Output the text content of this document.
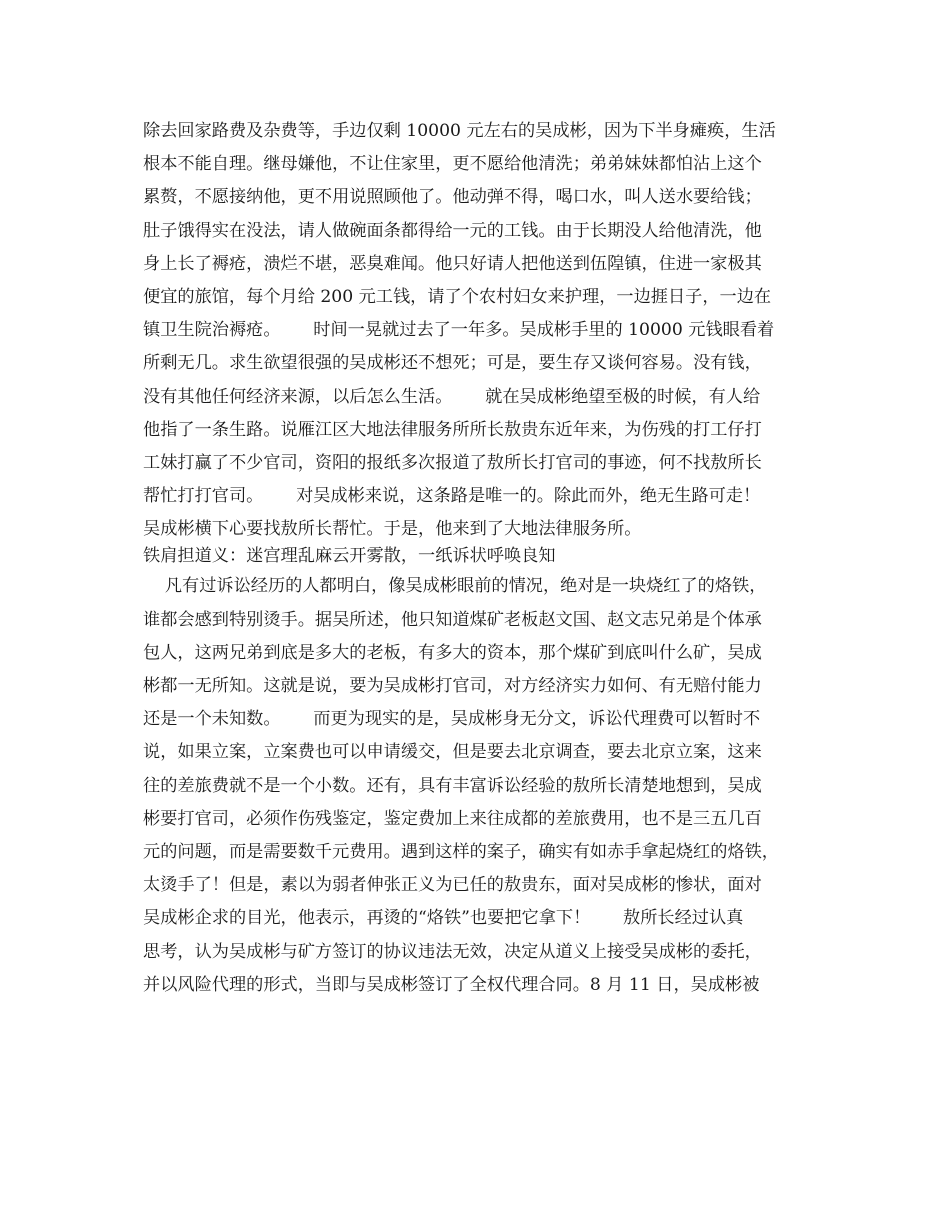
除去回家路费及杂费等，手边仅剩 10000 元左右的吴成彬，因为下半身瘫痪，生活
根本不能自理。继母嫌他，不让住家里，更不愿给他清洗；弟弟妹妹都怕沾上这个
累赘，不愿接纳他，更不用说照顾他了。他动弹不得，喝口水，叫人送水要给钱；
肚子饿得实在没法，请人做碗面条都得给一元的工钱。由于长期没人给他清洗，他
身上长了褥疮，溃烂不堪，恶臭难闻。他只好请人把他送到伍隍镇，住进一家极其
便宜的旅馆，每个月给 200 元工钱，请了个农村妇女来护理，一边捱日子，一边在
镇卫生院治褥疮。      时间一晃就过去了一年多。吴成彬手里的 10000 元钱眼看着
所剩无几。求生欲望很强的吴成彬还不想死；可是，要生存又谈何容易。没有钱，
没有其他任何经济来源，以后怎么生活。      就在吴成彬绝望至极的时候，有人给
他指了一条生路。说雁江区大地法律服务所所长敖贵东近年来，为伤残的打工仔打
工妹打赢了不少官司，资阳的报纸多次报道了敖所长打官司的事迹，何不找敖所长
帮忙打打官司。      对吴成彬来说，这条路是唯一的。除此而外，绝无生路可走！
吴成彬横下心要找敖所长帮忙。于是，他来到了大地法律服务所。
铁肩担道义：迷宫理乱麻云开雾散，一纸诉状呼唤良知
凡有过诉讼经历的人都明白，像吴成彬眼前的情况，绝对是一块烧红了的烙铁，
谁都会感到特别烫手。据吴所述，他只知道煤矿老板赵文国、赵文志兄弟是个体承
包人，这两兄弟到底是多大的老板，有多大的资本，那个煤矿到底叫什么矿，吴成
彬都一无所知。这就是说，要为吴成彬打官司，对方经济实力如何、有无赔付能力
还是一个未知数。      而更为现实的是，吴成彬身无分文，诉讼代理费可以暂时不
说，如果立案，立案费也可以申请缓交，但是要去北京调查，要去北京立案，这来
往的差旅费就不是一个小数。还有，具有丰富诉讼经验的敖所长清楚地想到，吴成
彬要打官司，必须作伤残鉴定，鉴定费加上来往成都的差旅费用，也不是三五几百
元的问题，而是需要数千元费用。遇到这样的案子，确实有如赤手拿起烧红的烙铁，
太烫手了！但是，素以为弱者伸张正义为已任的敖贵东，面对吴成彬的惨状，面对
吴成彬企求的目光，他表示，再烫的“烙铁”也要把它拿下！      敖所长经过认真
思考，认为吴成彬与矿方签订的协议违法无效，决定从道义上接受吴成彬的委托，
并以风险代理的形式，当即与吴成彬签订了全权代理合同。8 月 11 日，吴成彬被
